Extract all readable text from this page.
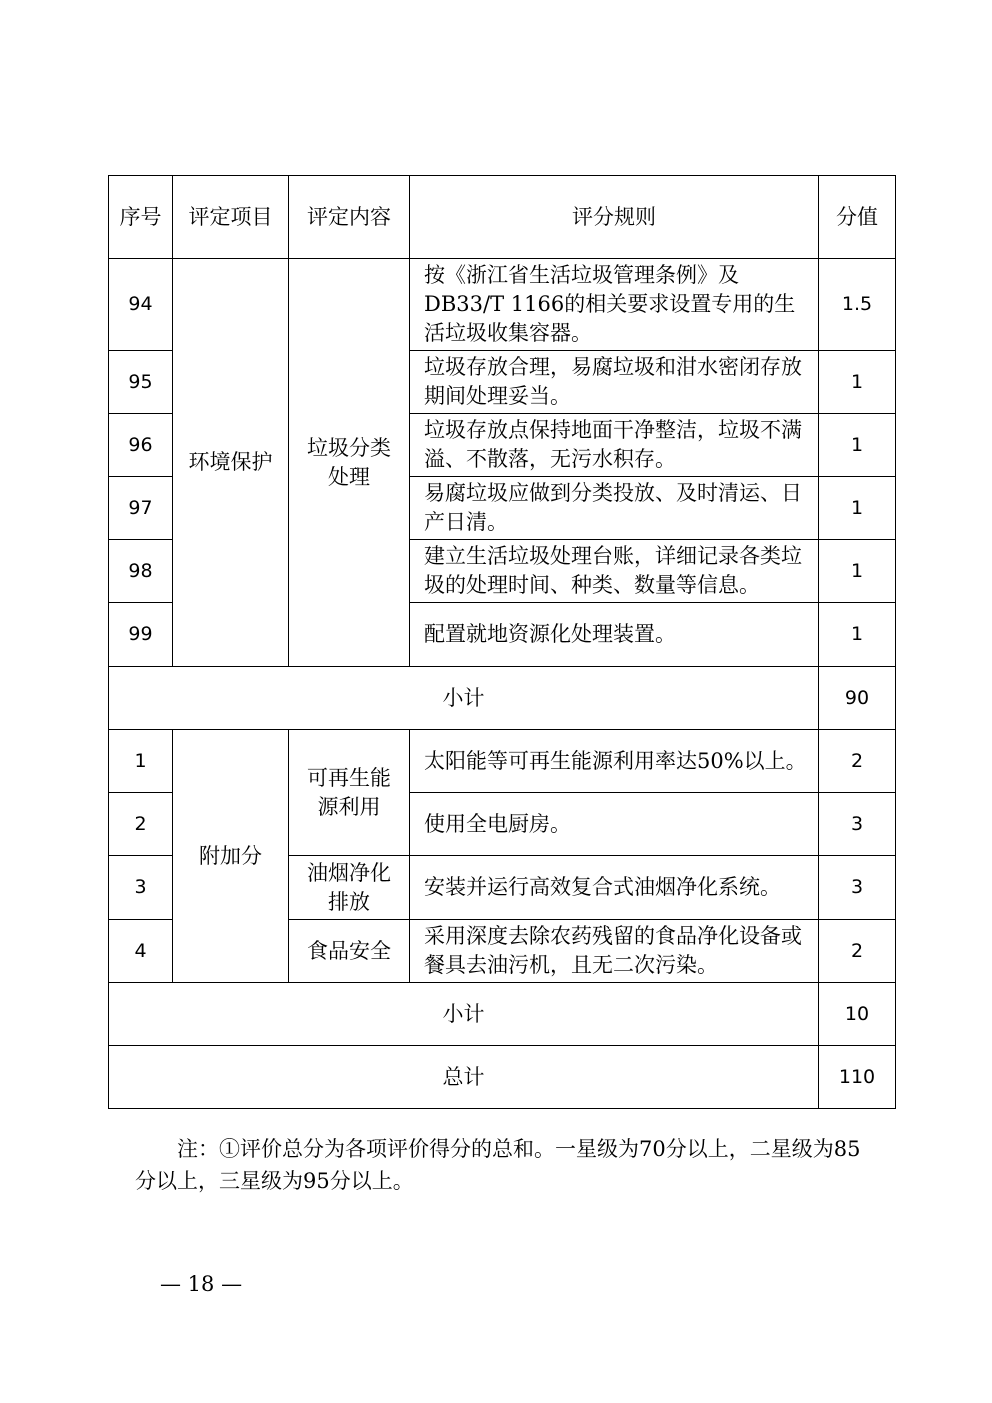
序号	评定项目	评定内容	评分规则	分值
94	环境保护	垃圾分类处理	按《浙江省生活垃圾管理条例》及DB33/T 1166的相关要求设置专用的生活垃圾收集容器。	1.5
95			垃圾存放合理，易腐垃圾和泔水密闭存放期间处理妥当。	1
96			垃圾存放点保持地面干净整洁，垃圾不满溢、不散落，无污水积存。	1
97			易腐垃圾应做到分类投放、及时清运、日产日清。	1
98			建立生活垃圾处理台账，详细记录各类垃圾的处理时间、种类、数量等信息。	1
99			配置就地资源化处理装置。	1
小计				90
1	附加分	可再生能源利用	太阳能等可再生能源利用率达50%以上。	2
2			使用全电厨房。	3
3		油烟净化排放	安装并运行高效复合式油烟净化系统。	3
4		食品安全	采用深度去除农药残留的食品净化设备或餐具去油污机，且无二次污染。	2
小计				10
总计				110

注：①评价总分为各项评价得分的总和。一星级为70分以上，二星级为85分以上，三星级为95分以上。

— 18 —
